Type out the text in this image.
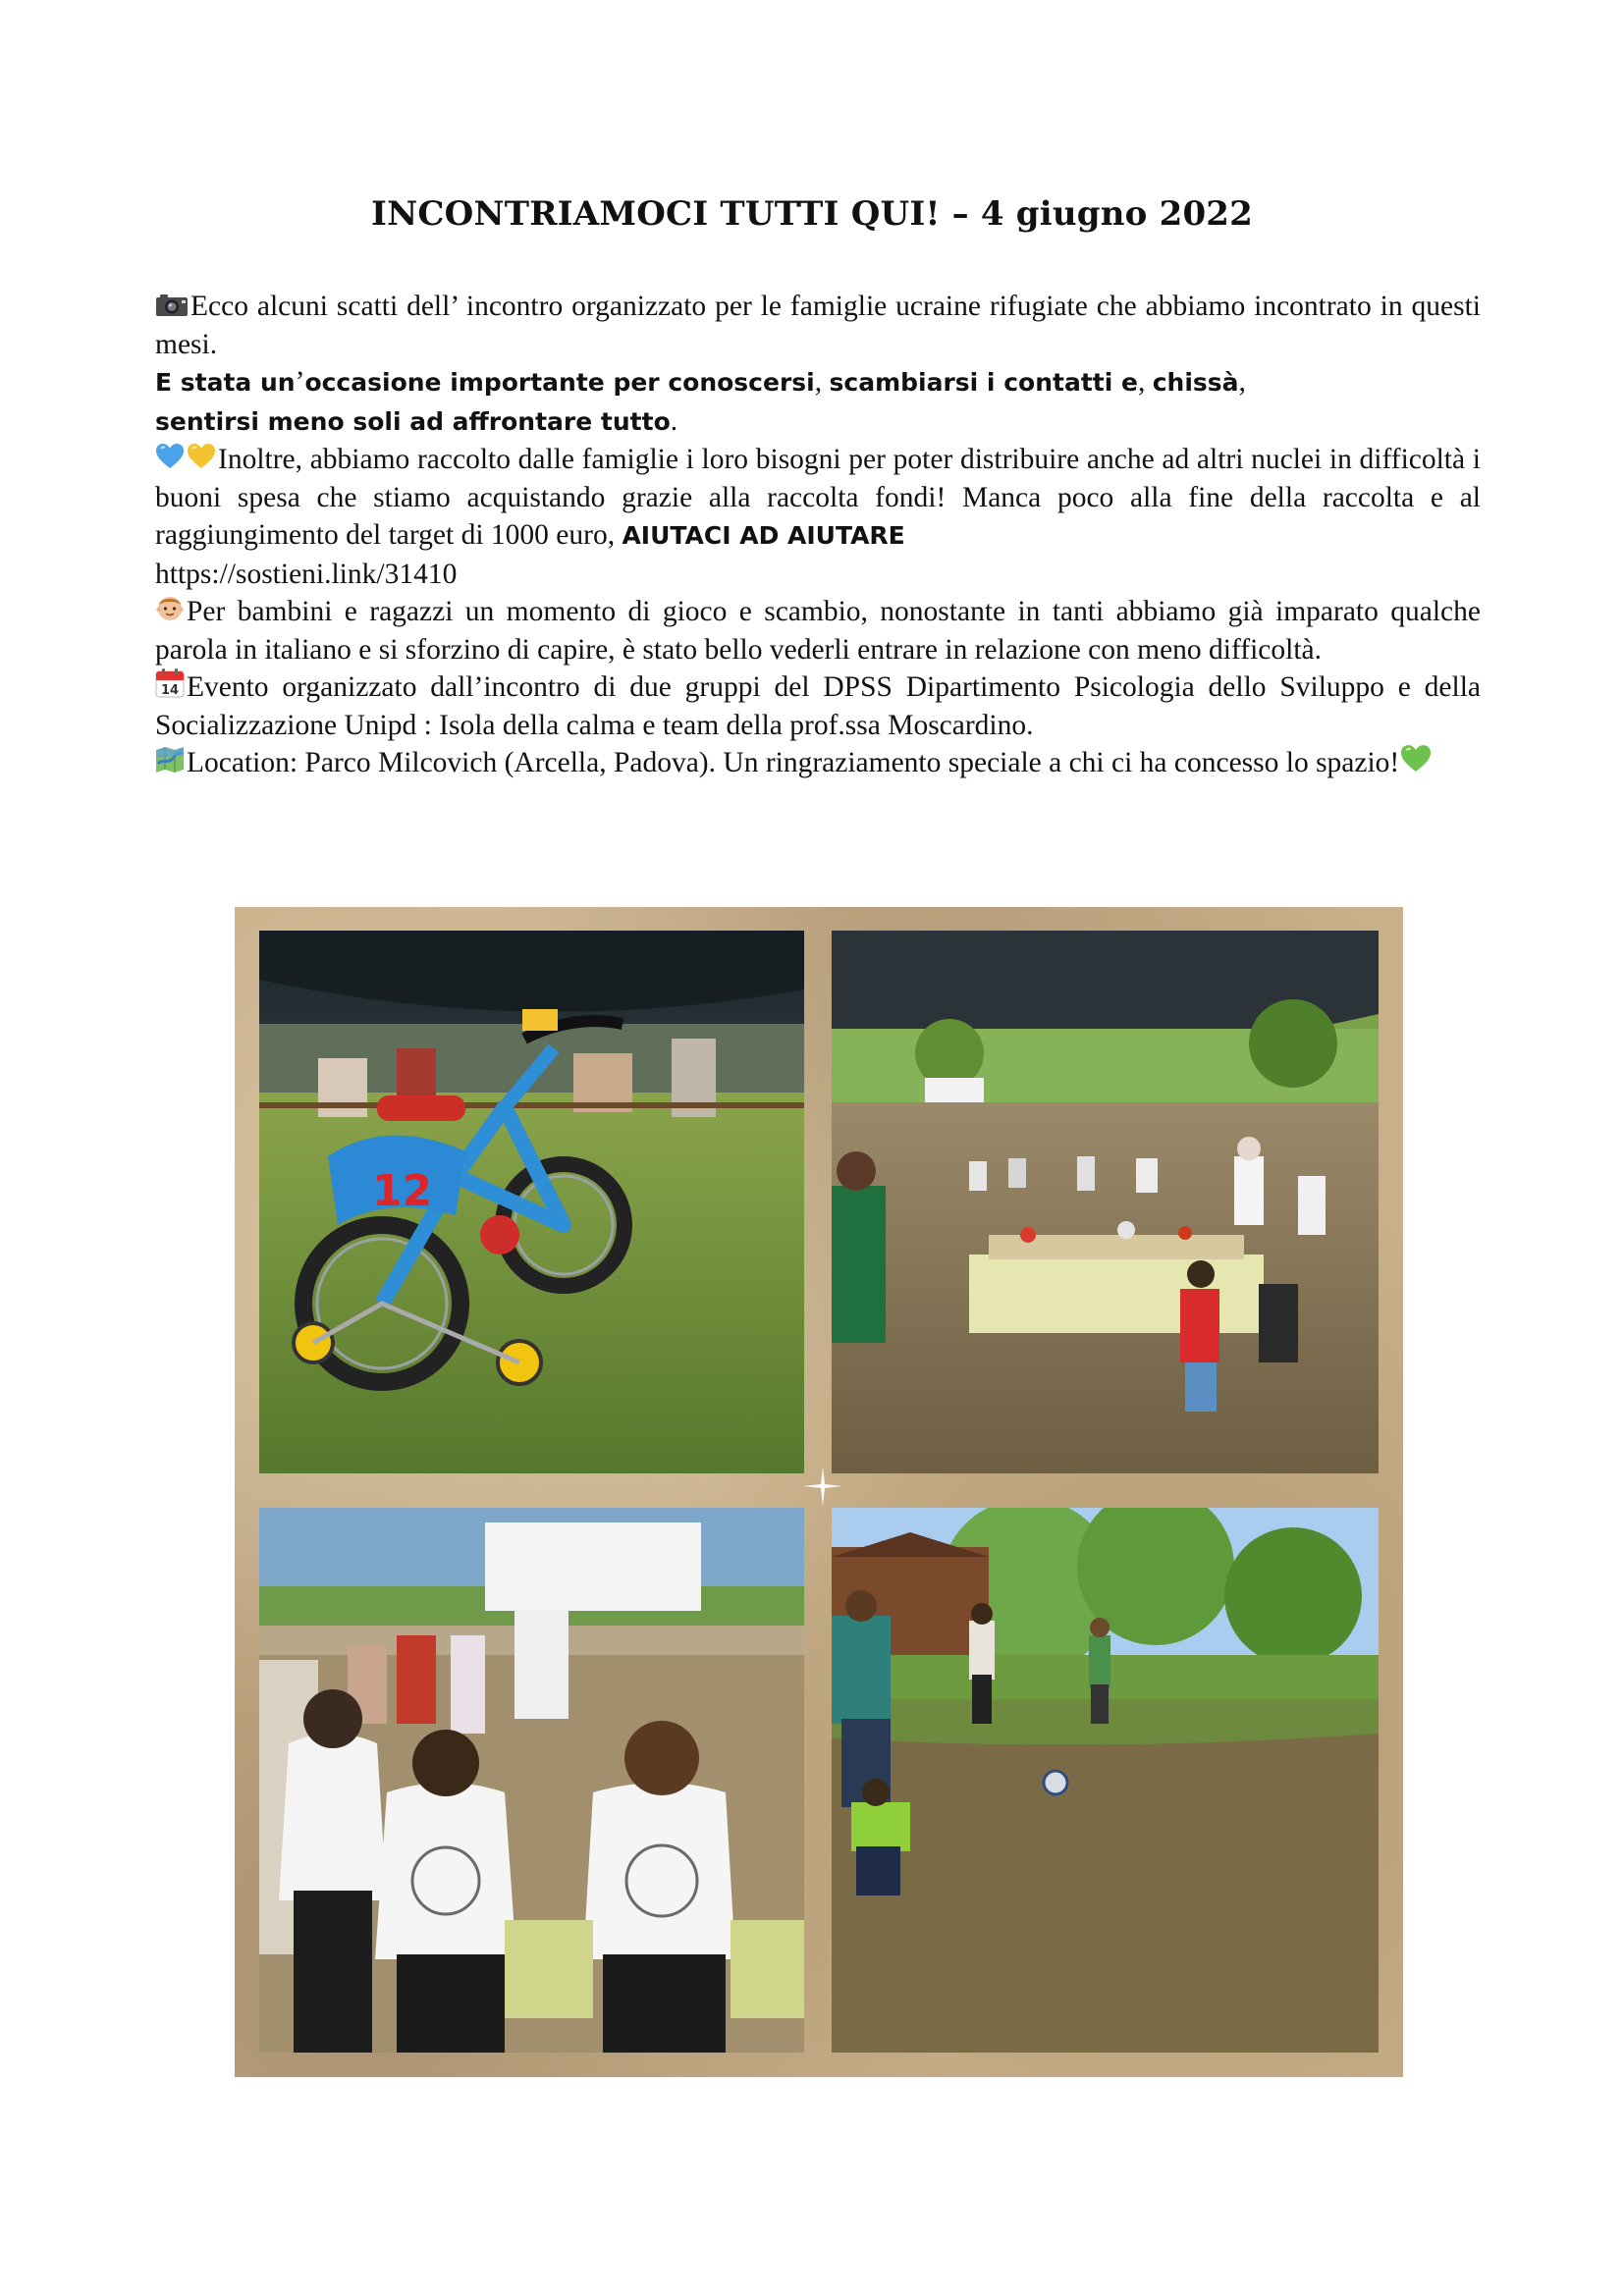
INCONTRIAMOCI TUTTI QUI! – 4 giugno 2022

Ecco alcuni scatti dell’ incontro organizzato per le famiglie ucraine rifugiate che abbiamo incontrato in questi mesi.
E stata un’occasione importante per conoscersi, scambiarsi i contatti e, chissà,
sentirsi meno soli ad affrontare tutto.

Inoltre, abbiamo raccolto dalle famiglie i loro bisogni per poter distribuire anche ad altri nuclei in difficoltà i buoni spesa che stiamo acquistando grazie alla raccolta fondi! Manca poco alla fine della raccolta e al raggiungimento del target di 1000 euro, AIUTACI AD AIUTARE
https://sostieni.link/31410

Per bambini e ragazzi un momento di gioco e scambio, nonostante in tanti abbiamo già imparato qualche parola in italiano e si sforzino di capire, è stato bello vederli entrare in relazione con meno difficoltà.

14 Evento organizzato dall’incontro di due gruppi del DPSS Dipartimento Psicologia dello Sviluppo e della Socializzazione Unipd : Isola della calma e team della prof.ssa Moscardino.

Location: Parco Milcovich (Arcella, Padova). Un ringraziamento speciale a chi ci ha concesso lo spazio!

12
